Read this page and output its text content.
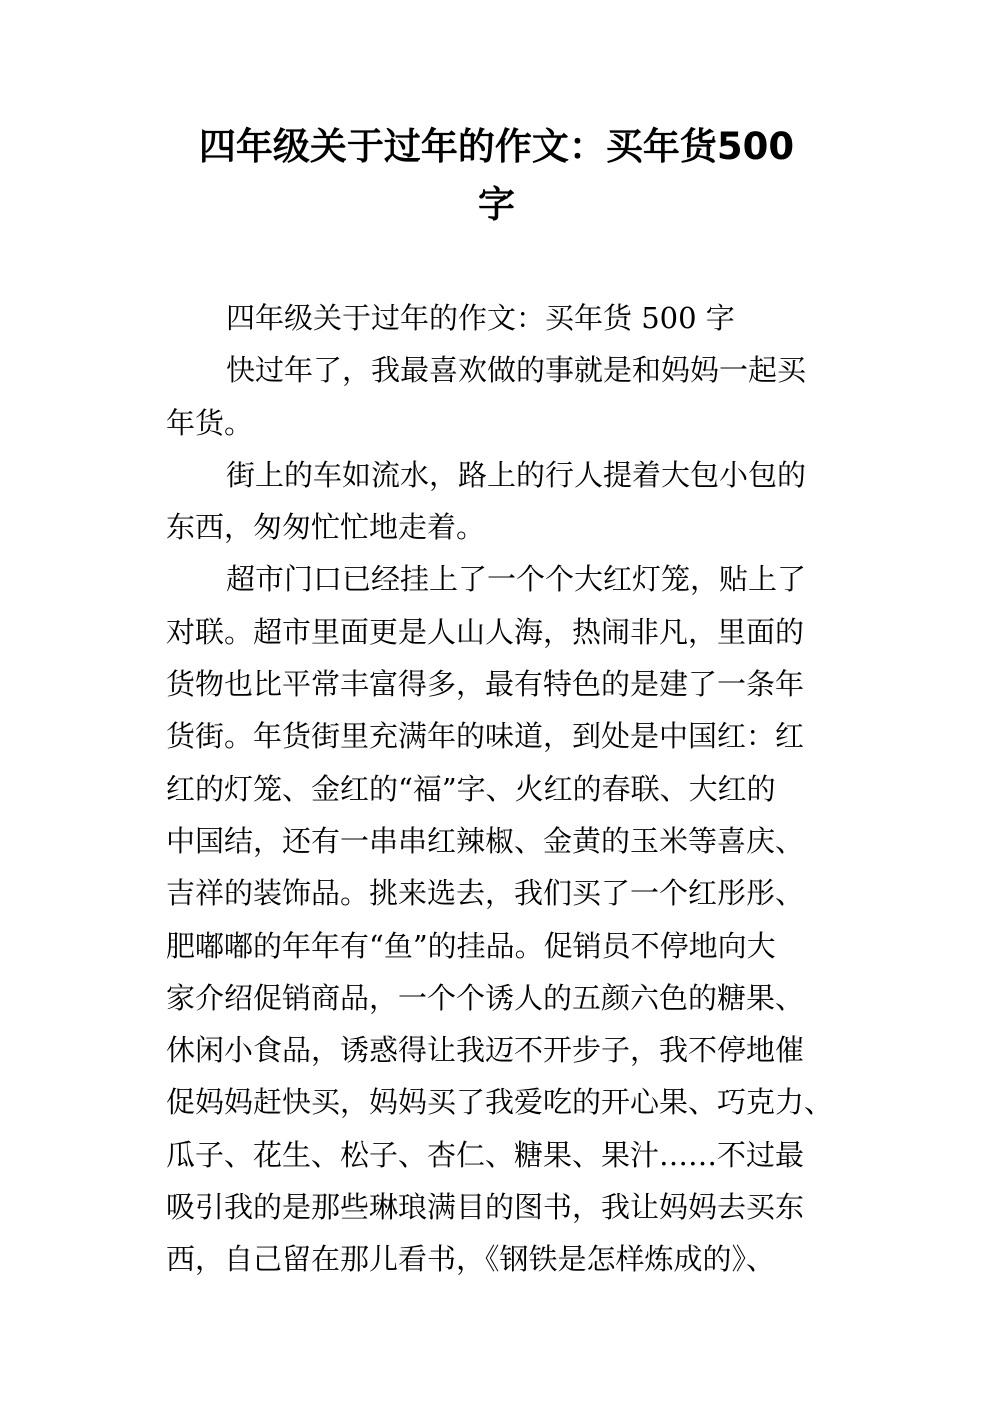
四年级关于过年的作文：买年货500
字
四年级关于过年的作文：买年货 500 字
快过年了，我最喜欢做的事就是和妈妈一起买
年货。
街上的车如流水，路上的行人提着大包小包的
东西，匆匆忙忙地走着。
超市门口已经挂上了一个个大红灯笼，贴上了
对联。超市里面更是人山人海，热闹非凡，里面的
货物也比平常丰富得多，最有特色的是建了一条年
货街。年货街里充满年的味道，到处是中国红：红
红的灯笼、金红的“福”字、火红的春联、大红的
中国结，还有一串串红辣椒、金黄的玉米等喜庆、
吉祥的装饰品。挑来选去，我们买了一个红彤彤、
肥嘟嘟的年年有“鱼”的挂品。促销员不停地向大
家介绍促销商品，一个个诱人的五颜六色的糖果、
休闲小食品，诱惑得让我迈不开步子，我不停地催
促妈妈赶快买，妈妈买了我爱吃的开心果、巧克力、
瓜子、花生、松子、杏仁、糖果、果汁……不过最
吸引我的是那些琳琅满目的图书，我让妈妈去买东
西，自己留在那儿看书，《钢铁是怎样炼成的》、
